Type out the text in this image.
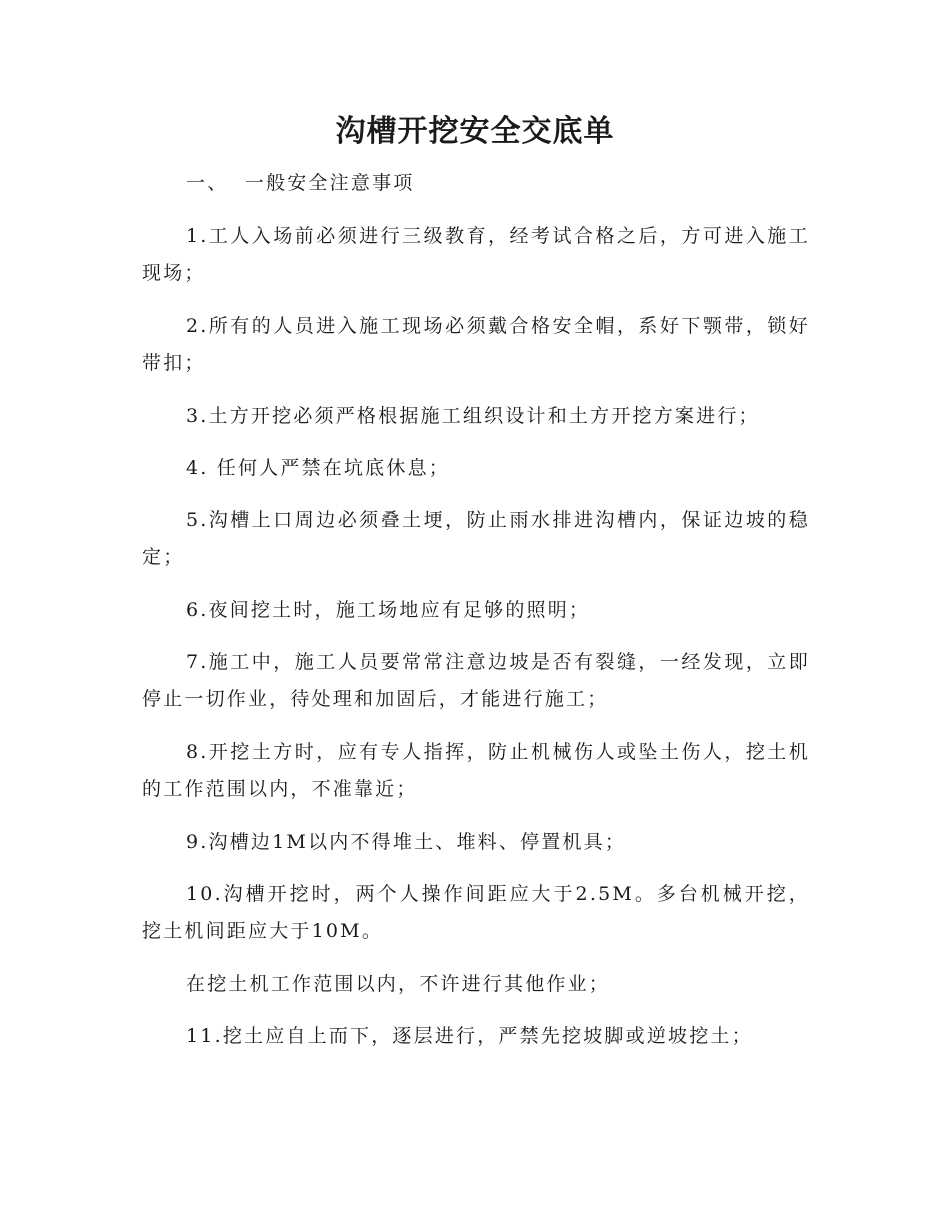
沟槽开挖安全交底单

一、  一般安全注意事项

1.工人入场前必须进行三级教育，经考试合格之后，方可进入施工现场；

2.所有的人员进入施工现场必须戴合格安全帽，系好下颚带，锁好带扣；

3.土方开挖必须严格根据施工组织设计和土方开挖方案进行；

4. 任何人严禁在坑底休息；

5.沟槽上口周边必须叠土埂，防止雨水排进沟槽内，保证边坡的稳定；

6.夜间挖土时，施工场地应有足够的照明；

7.施工中，施工人员要常常注意边坡是否有裂缝，一经发现，立即停止一切作业，待处理和加固后，才能进行施工；

8.开挖土方时，应有专人指挥，防止机械伤人或坠土伤人，挖土机的工作范围以内，不准靠近；

9.沟槽边1M以内不得堆土、堆料、停置机具；

10.沟槽开挖时，两个人操作间距应大于2.5M。多台机械开挖，挖土机间距应大于10M。

在挖土机工作范围以内，不许进行其他作业；

11.挖土应自上而下，逐层进行，严禁先挖坡脚或逆坡挖土；
